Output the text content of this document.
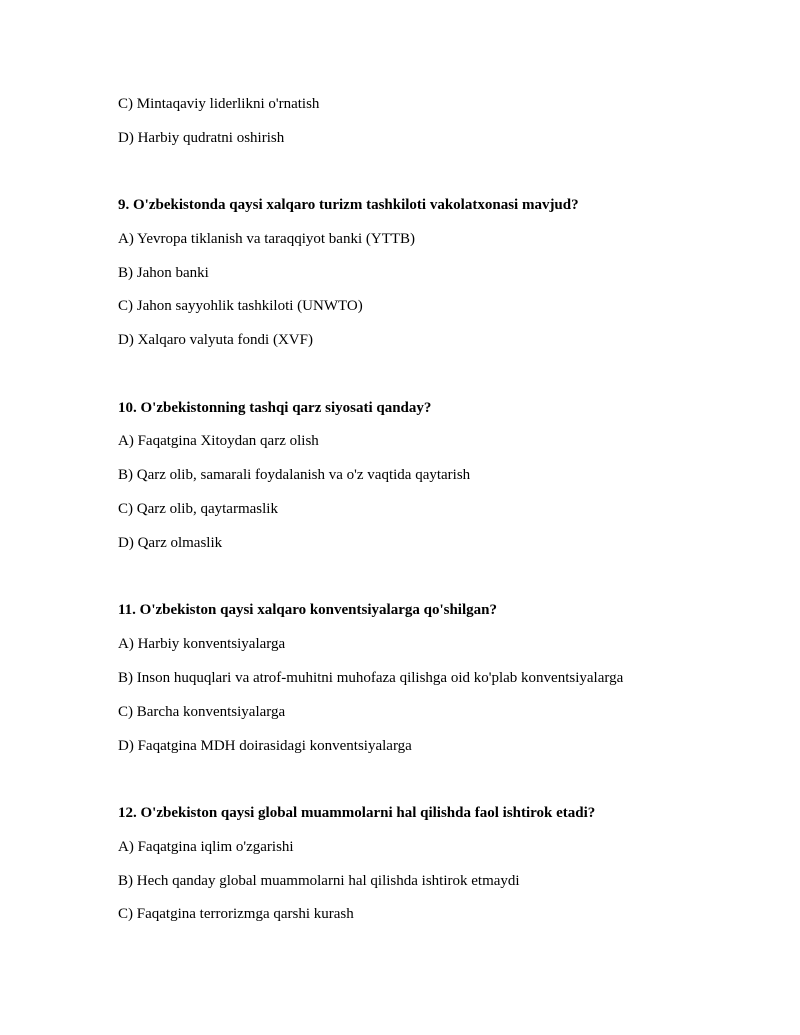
C) Mintaqaviy liderlikni o'rnatish
D) Harbiy qudratni oshirish
9. O'zbekistonda qaysi xalqaro turizm tashkiloti vakolatxonasi mavjud?
A) Yevropa tiklanish va taraqqiyot banki (YTTB)
B) Jahon banki
C) Jahon sayyohlik tashkiloti (UNWTO)
D) Xalqaro valyuta fondi (XVF)
10. O'zbekistonning tashqi qarz siyosati qanday?
A) Faqatgina Xitoydan qarz olish
B) Qarz olib, samarali foydalanish va o'z vaqtida qaytarish
C) Qarz olib, qaytarmaslik
D) Qarz olmaslik
11. O'zbekiston qaysi xalqaro konventsiyalarga qo'shilgan?
A) Harbiy konventsiyalarga
B) Inson huquqlari va atrof-muhitni muhofaza qilishga oid ko'plab konventsiyalarga
C) Barcha konventsiyalarga
D) Faqatgina MDH doirasidagi konventsiyalarga
12. O'zbekiston qaysi global muammolarni hal qilishda faol ishtirok etadi?
A) Faqatgina iqlim o'zgarishi
B) Hech qanday global muammolarni hal qilishda ishtirok etmaydi
C) Faqatgina terrorizmga qarshi kurash
